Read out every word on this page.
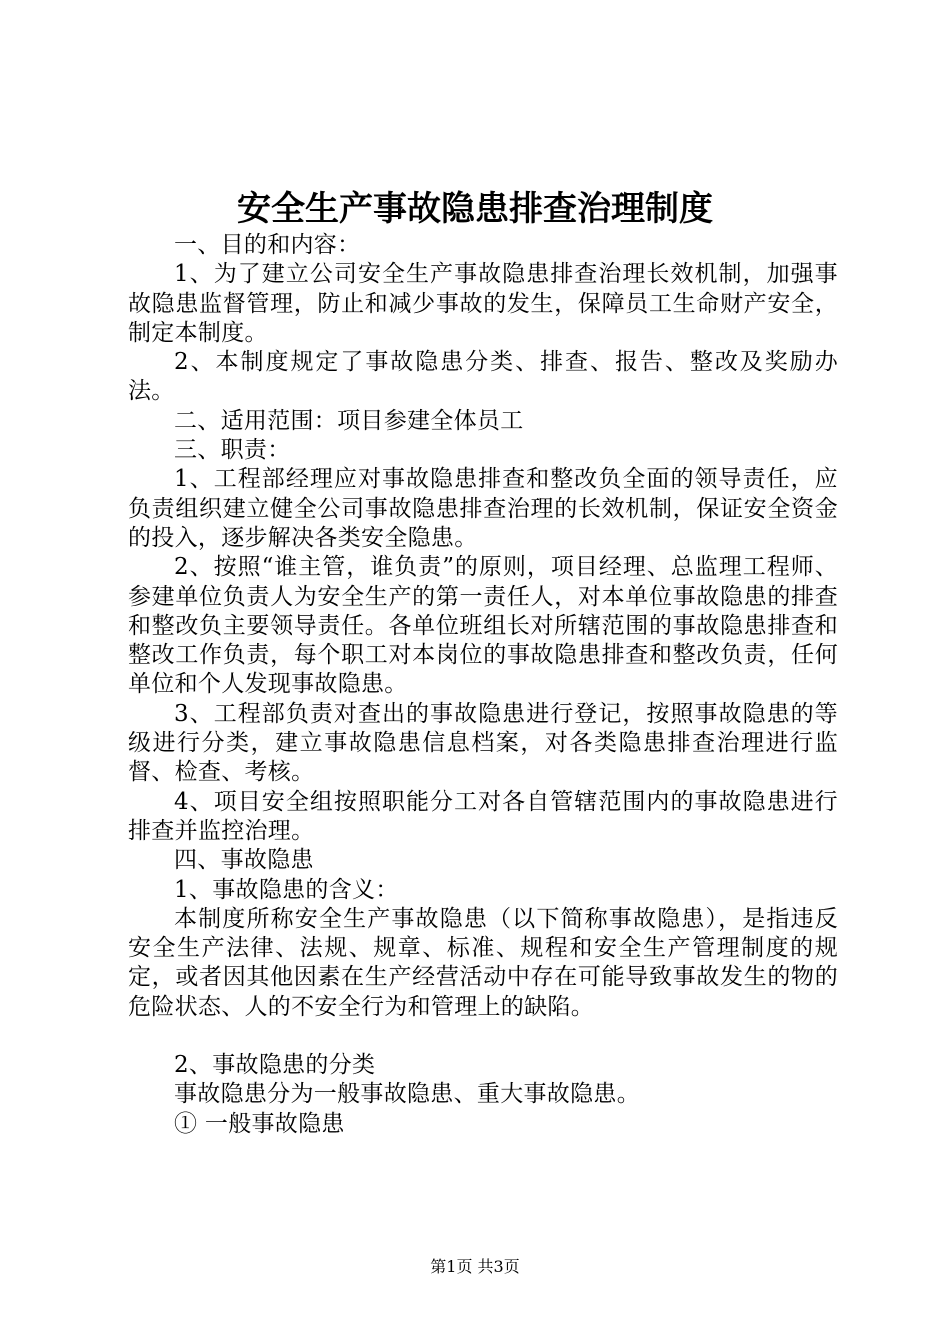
安全生产事故隐患排查治理制度

一、目的和内容：

1、为了建立公司安全生产事故隐患排查治理长效机制，加强事故隐患监督管理，防止和减少事故的发生，保障员工生命财产安全，制定本制度。

2、本制度规定了事故隐患分类、排查、报告、整改及奖励办法。

二、适用范围：项目参建全体员工

三、职责：

1、工程部经理应对事故隐患排查和整改负全面的领导责任，应负责组织建立健全公司事故隐患排查治理的长效机制，保证安全资金的投入，逐步解决各类安全隐患。

2、按照“谁主管，谁负责”的原则，项目经理、总监理工程师、参建单位负责人为安全生产的第一责任人，对本单位事故隐患的排查和整改负主要领导责任。各单位班组长对所辖范围的事故隐患排查和整改工作负责，每个职工对本岗位的事故隐患排查和整改负责，任何单位和个人发现事故隐患。

3、工程部负责对查出的事故隐患进行登记，按照事故隐患的等级进行分类，建立事故隐患信息档案，对各类隐患排查治理进行监督、检查、考核。

4、项目安全组按照职能分工对各自管辖范围内的事故隐患进行排查并监控治理。

四、事故隐患

1、事故隐患的含义：

本制度所称安全生产事故隐患（以下简称事故隐患），是指违反安全生产法律、法规、规章、标准、规程和安全生产管理制度的规定，或者因其他因素在生产经营活动中存在可能导致事故发生的物的危险状态、人的不安全行为和管理上的缺陷。

2、事故隐患的分类

事故隐患分为一般事故隐患、重大事故隐患。

① 一般事故隐患

第1页 共3页
